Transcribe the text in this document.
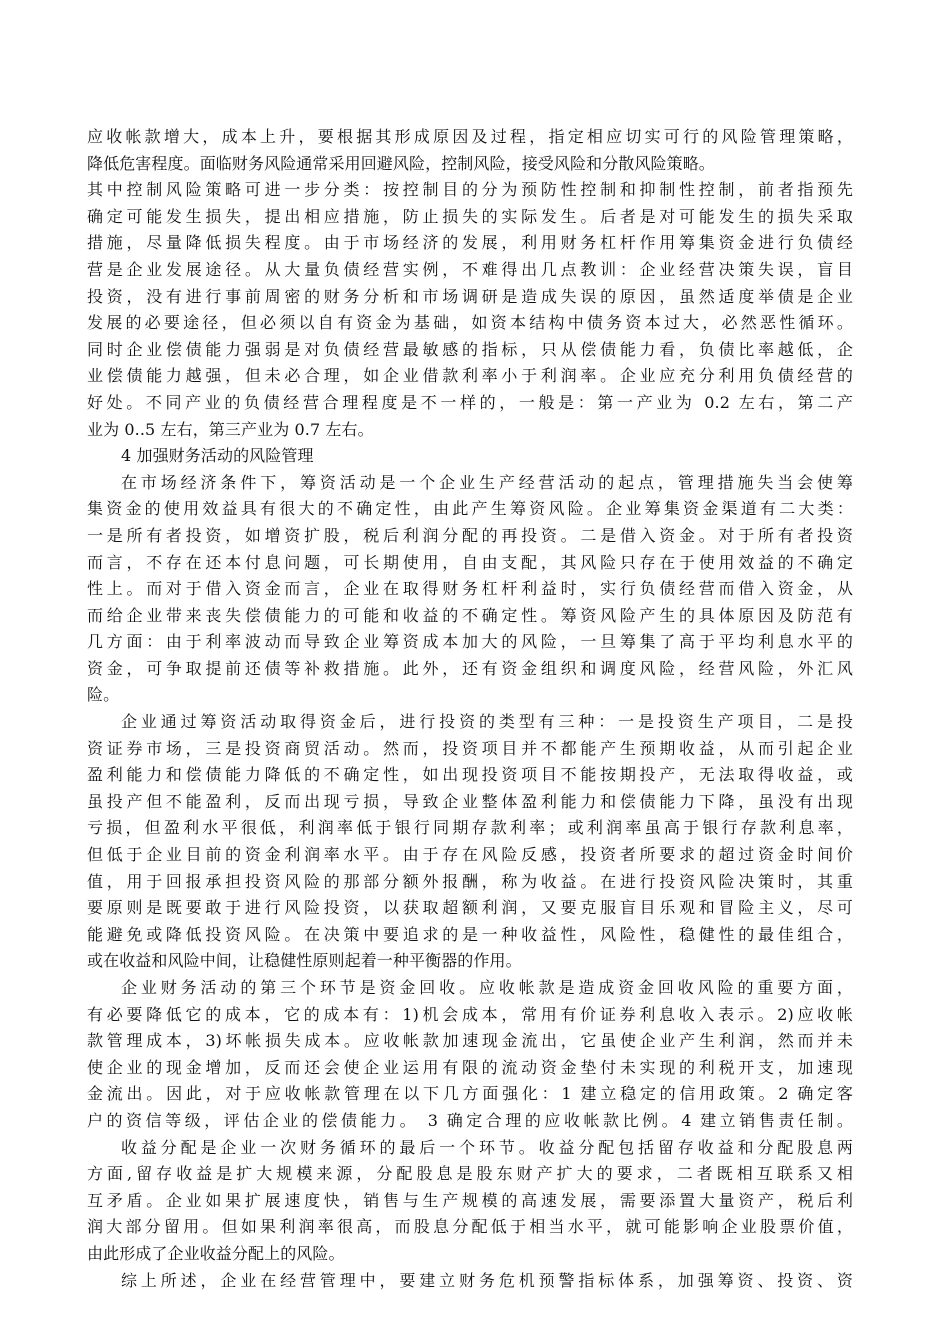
应收帐款增大，成本上升，要根据其形成原因及过程，指定相应切实可行的风险管理策略，
降低危害程度。面临财务风险通常采用回避风险，控制风险，接受风险和分散风险策略。
其中控制风险策略可进一步分类：按控制目的分为预防性控制和抑制性控制，前者指预先
确定可能发生损失，提出相应措施，防止损失的实际发生。后者是对可能发生的损失采取
措施，尽量降低损失程度。由于市场经济的发展，利用财务杠杆作用筹集资金进行负债经
营是企业发展途径。从大量负债经营实例，不难得出几点教训：企业经营决策失误，盲目
投资，没有进行事前周密的财务分析和市场调研是造成失误的原因，虽然适度举债是企业
发展的必要途径，但必须以自有资金为基础，如资本结构中债务资本过大，必然恶性循环。
同时企业偿债能力强弱是对负债经营最敏感的指标，只从偿债能力看，负债比率越低，企
业偿债能力越强，但未必合理，如企业借款利率小于利润率。企业应充分利用负债经营的
好处。不同产业的负债经营合理程度是不一样的，一般是：第一产业为 0.2 左右，第二产
业为 0..5 左右，第三产业为 0.7 左右。
4 加强财务活动的风险管理
在市场经济条件下，筹资活动是一个企业生产经营活动的起点，管理措施失当会使筹
集资金的使用效益具有很大的不确定性，由此产生筹资风险。企业筹集资金渠道有二大类：
一是所有者投资，如增资扩股，税后利润分配的再投资。二是借入资金。对于所有者投资
而言，不存在还本付息问题，可长期使用，自由支配，其风险只存在于使用效益的不确定
性上。而对于借入资金而言，企业在取得财务杠杆利益时，实行负债经营而借入资金，从
而给企业带来丧失偿债能力的可能和收益的不确定性。筹资风险产生的具体原因及防范有
几方面：由于利率波动而导致企业筹资成本加大的风险，一旦筹集了高于平均利息水平的
资金，可争取提前还债等补救措施。此外，还有资金组织和调度风险，经营风险，外汇风
险。
企业通过筹资活动取得资金后，进行投资的类型有三种：一是投资生产项目，二是投
资证券市场，三是投资商贸活动。然而，投资项目并不都能产生预期收益，从而引起企业
盈利能力和偿债能力降低的不确定性，如出现投资项目不能按期投产，无法取得收益，或
虽投产但不能盈利，反而出现亏损，导致企业整体盈利能力和偿债能力下降，虽没有出现
亏损，但盈利水平很低，利润率低于银行同期存款利率；或利润率虽高于银行存款利息率，
但低于企业目前的资金利润率水平。由于存在风险反感，投资者所要求的超过资金时间价
值，用于回报承担投资风险的那部分额外报酬，称为收益。在进行投资风险决策时，其重
要原则是既要敢于进行风险投资，以获取超额利润，又要克服盲目乐观和冒险主义，尽可
能避免或降低投资风险。在决策中要追求的是一种收益性，风险性，稳健性的最佳组合，
或在收益和风险中间，让稳健性原则起着一种平衡器的作用。
企业财务活动的第三个环节是资金回收。应收帐款是造成资金回收风险的重要方面，
有必要降低它的成本，它的成本有：1)机会成本，常用有价证券利息收入表示。2)应收帐
款管理成本，3)坏帐损失成本。应收帐款加速现金流出，它虽使企业产生利润，然而并未
使企业的现金增加，反而还会使企业运用有限的流动资金垫付未实现的利税开支，加速现
金流出。因此，对于应收帐款管理在以下几方面强化：1 建立稳定的信用政策。2 确定客
户的资信等级，评估企业的偿债能力。 3 确定合理的应收帐款比例。4 建立销售责任制。
收益分配是企业一次财务循环的最后一个环节。收益分配包括留存收益和分配股息两
方面,留存收益是扩大规模来源，分配股息是股东财产扩大的要求，二者既相互联系又相
互矛盾。企业如果扩展速度快，销售与生产规模的高速发展，需要添置大量资产，税后利
润大部分留用。但如果利润率很高，而股息分配低于相当水平，就可能影响企业股票价值，
由此形成了企业收益分配上的风险。
综上所述，企业在经营管理中，要建立财务危机预警指标体系，加强筹资、投资、资
